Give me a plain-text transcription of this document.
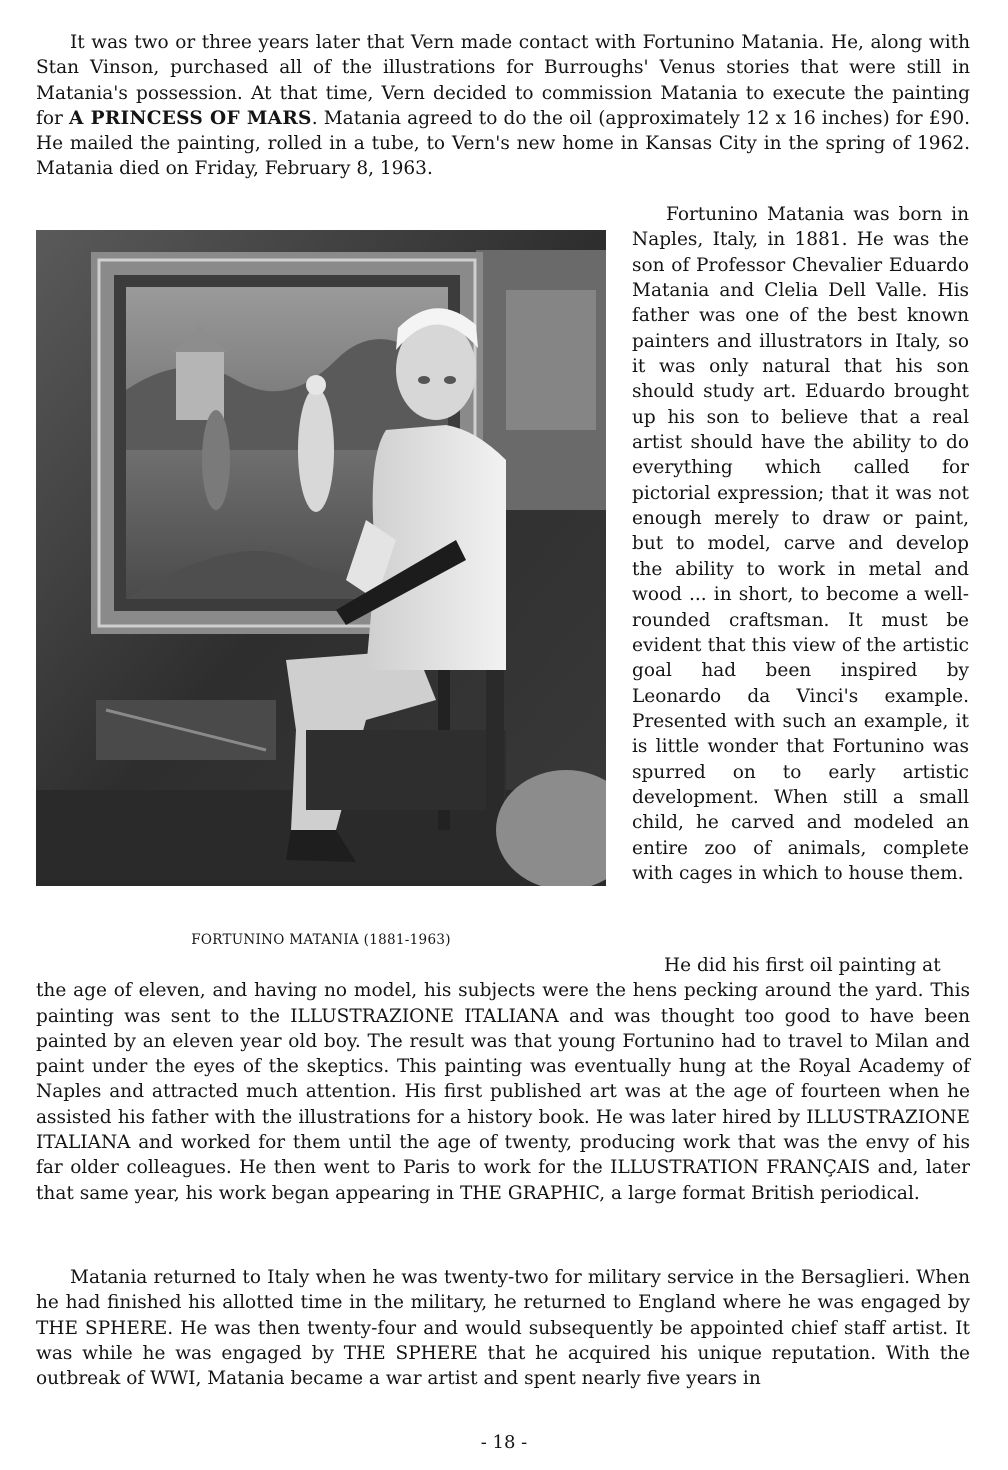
It was two or three years later that Vern made contact with Fortunino Matania. He, along with Stan Vinson, purchased all of the illustrations for Burroughs' Venus stories that were still in Matania's possession. At that time, Vern decided to commission Matania to execute the painting for A PRINCESS OF MARS. Matania agreed to do the oil (approximately 12 x 16 inches) for £90. He mailed the painting, rolled in a tube, to Vern's new home in Kansas City in the spring of 1962. Matania died on Friday, February 8, 1963.

FORTUNINO MATANIA (1881-1963)

Fortunino Matania was born in Naples, Italy, in 1881. He was the son of Professor Chevalier Eduardo Matania and Clelia Dell Valle. His father was one of the best known painters and illustrators in Italy, so it was only natural that his son should study art. Eduardo brought up his son to believe that a real artist should have the ability to do everything which called for pictorial expression; that it was not enough merely to draw or paint, but to model, carve and develop the ability to work in metal and wood ... in short, to become a well-rounded craftsman. It must be evident that this view of the artistic goal had been inspired by Leonardo da Vinci's example. Presented with such an example, it is little wonder that Fortunino was spurred on to early artistic development. When still a small child, he carved and modeled an entire zoo of animals, complete with cages in which to house them.

He did his first oil painting at

the age of eleven, and having no model, his subjects were the hens pecking around the yard. This painting was sent to the ILLUSTRAZIONE ITALIANA and was thought too good to have been painted by an eleven year old boy. The result was that young Fortunino had to travel to Milan and paint under the eyes of the skeptics. This painting was eventually hung at the Royal Academy of Naples and attracted much attention. His first published art was at the age of fourteen when he assisted his father with the illustrations for a history book. He was later hired by ILLUSTRAZIONE ITALIANA and worked for them until the age of twenty, producing work that was the envy of his far older colleagues. He then went to Paris to work for the ILLUSTRATION FRANÇAIS and, later that same year, his work began appearing in THE GRAPHIC, a large format British periodical.

Matania returned to Italy when he was twenty-two for military service in the Bersaglieri. When he had finished his allotted time in the military, he returned to England where he was engaged by THE SPHERE. He was then twenty-four and would subsequently be appointed chief staff artist. It was while he was engaged by THE SPHERE that he acquired his unique reputation. With the outbreak of WWI, Matania became a war artist and spent nearly five years in

- 18 -
